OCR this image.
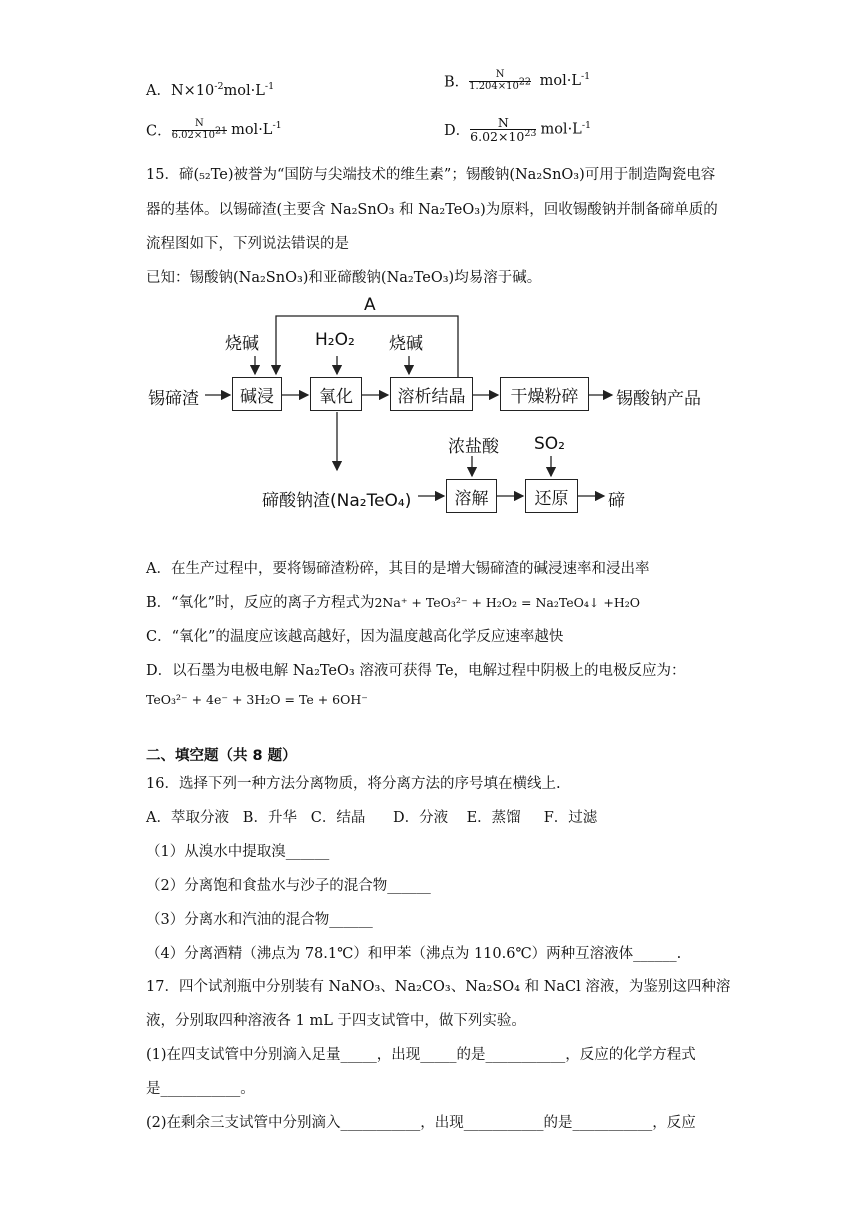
A．$N\times 10^{-2}mol\cdot L^{-1}$	B． $\frac{N}{1.204\times 10^{22}} mol\cdot L^{-1}$
C． $\frac{N}{6.02\times 10^{21}} mol\cdot L^{-1}$	D． $\frac{N}{6.02\times 10^{23}} mol\cdot L^{-1}$
15．碲(₅₂Te)被誉为“国防与尖端技术的维生素”；锡酸钠(Na₂SnO₃)可用于制造陶瓷电容
器的基体。以锡碲渣(主要含 Na₂SnO₃ 和 Na₂TeO₃)为原料，回收锡酸钠并制备碲单质的
流程图如下，下列说法错误的是
已知：锡酸钠(Na₂SnO₃)和亚碲酸钠(Na₂TeO₃)均易溶于碱。
A
烧碱	H₂O₂ 烧碱
锡碲渣	碱浸	氧化	溶析结晶	干燥粉碎	锡酸钠产品
浓盐酸 SO₂
碲酸钠渣(Na₂TeO₄)	溶解	还原	碲
A．在生产过程中，要将锡碲渣粉碎，其目的是增大锡碲渣的碱浸速率和浸出率
B．“氧化”时，反应的离子方程式为2Na⁺ + TeO₃²⁻ + H₂O₂ = Na₂TeO₄↓ +H₂O
C．“氧化”的温度应该越高越好，因为温度越高化学反应速率越快
D．以石墨为电极电解 Na₂TeO₃ 溶液可获得 Te，电解过程中阴极上的电极反应为：
TeO₃²⁻ + 4e⁻ + 3H₂O = Te + 6OH⁻
二、填空题（共 8 题）
16．选择下列一种方法分离物质，将分离方法的序号填在横线上.
A．萃取分液   B．升华   C．结晶      D．分液    E．蒸馏     F．过滤
（1）从溴水中提取溴______
（2）分离饱和食盐水与沙子的混合物______
（3）分离水和汽油的混合物______
（4）分离酒精（沸点为 78.1℃）和甲苯（沸点为 110.6℃）两种互溶液体______.
17．四个试剂瓶中分别装有 NaNO₃、Na₂CO₃、Na₂SO₄ 和 NaCl 溶液，为鉴别这四种溶
液，分别取四种溶液各 1 mL 于四支试管中，做下列实验。
(1)在四支试管中分别滴入足量_____，出现_____的是___________，反应的化学方程式
是___________。
(2)在剩余三支试管中分别滴入___________，出现___________的是___________，反应
